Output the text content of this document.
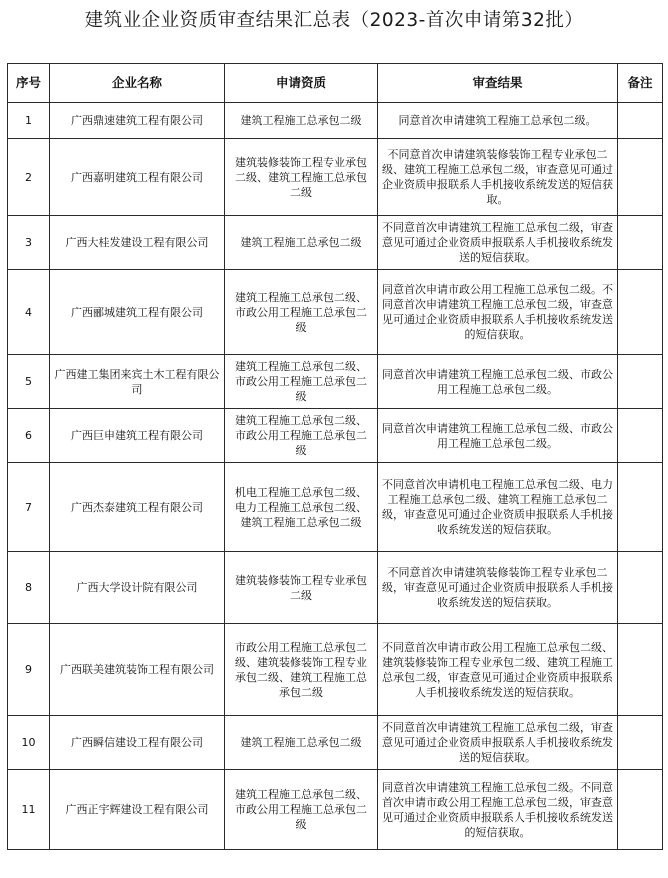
建筑业企业资质审查结果汇总表（2023-首次申请第32批）
序号	企业名称	申请资质	审查结果	备注
1	广西鼎速建筑工程有限公司	建筑工程施工总承包二级	同意首次申请建筑工程施工总承包二级。	
2	广西嘉明建筑工程有限公司	建筑装修装饰工程专业承包二级、建筑工程施工总承包二级	不同意首次申请建筑装修装饰工程专业承包二级、建筑工程施工总承包二级，审查意见可通过企业资质申报联系人手机接收系统发送的短信获取。	
3	广西大桂发建设工程有限公司	建筑工程施工总承包二级	不同意首次申请建筑工程施工总承包二级，审查意见可通过企业资质申报联系人手机接收系统发送的短信获取。	
4	广西郦城建筑工程有限公司	建筑工程施工总承包二级、市政公用工程施工总承包二级	同意首次申请市政公用工程施工总承包二级。不同意首次申请建筑工程施工总承包二级，审查意见可通过企业资质申报联系人手机接收系统发送的短信获取。	
5	广西建工集团来宾土木工程有限公司	建筑工程施工总承包二级、市政公用工程施工总承包二级	同意首次申请建筑工程施工总承包二级、市政公用工程施工总承包二级。	
6	广西巨申建筑工程有限公司	建筑工程施工总承包二级、市政公用工程施工总承包二级	同意首次申请建筑工程施工总承包二级、市政公用工程施工总承包二级。	
7	广西杰泰建筑工程有限公司	机电工程施工总承包二级、电力工程施工总承包二级、建筑工程施工总承包二级	不同意首次申请机电工程施工总承包二级、电力工程施工总承包二级、建筑工程施工总承包二级，审查意见可通过企业资质申报联系人手机接收系统发送的短信获取。	
8	广西大学设计院有限公司	建筑装修装饰工程专业承包二级	不同意首次申请建筑装修装饰工程专业承包二级，审查意见可通过企业资质申报联系人手机接收系统发送的短信获取。	
9	广西联美建筑装饰工程有限公司	市政公用工程施工总承包二级、建筑装修装饰工程专业承包二级、建筑工程施工总承包二级	不同意首次申请市政公用工程施工总承包二级、建筑装修装饰工程专业承包二级、建筑工程施工总承包二级，审查意见可通过企业资质申报联系人手机接收系统发送的短信获取。	
10	广西瞬信建设工程有限公司	建筑工程施工总承包二级	不同意首次申请建筑工程施工总承包二级，审查意见可通过企业资质申报联系人手机接收系统发送的短信获取。	
11	广西正宇辉建设工程有限公司	建筑工程施工总承包二级、市政公用工程施工总承包二级	同意首次申请建筑工程施工总承包二级。不同意首次申请市政公用工程施工总承包二级，审查意见可通过企业资质申报联系人手机接收系统发送的短信获取。	
